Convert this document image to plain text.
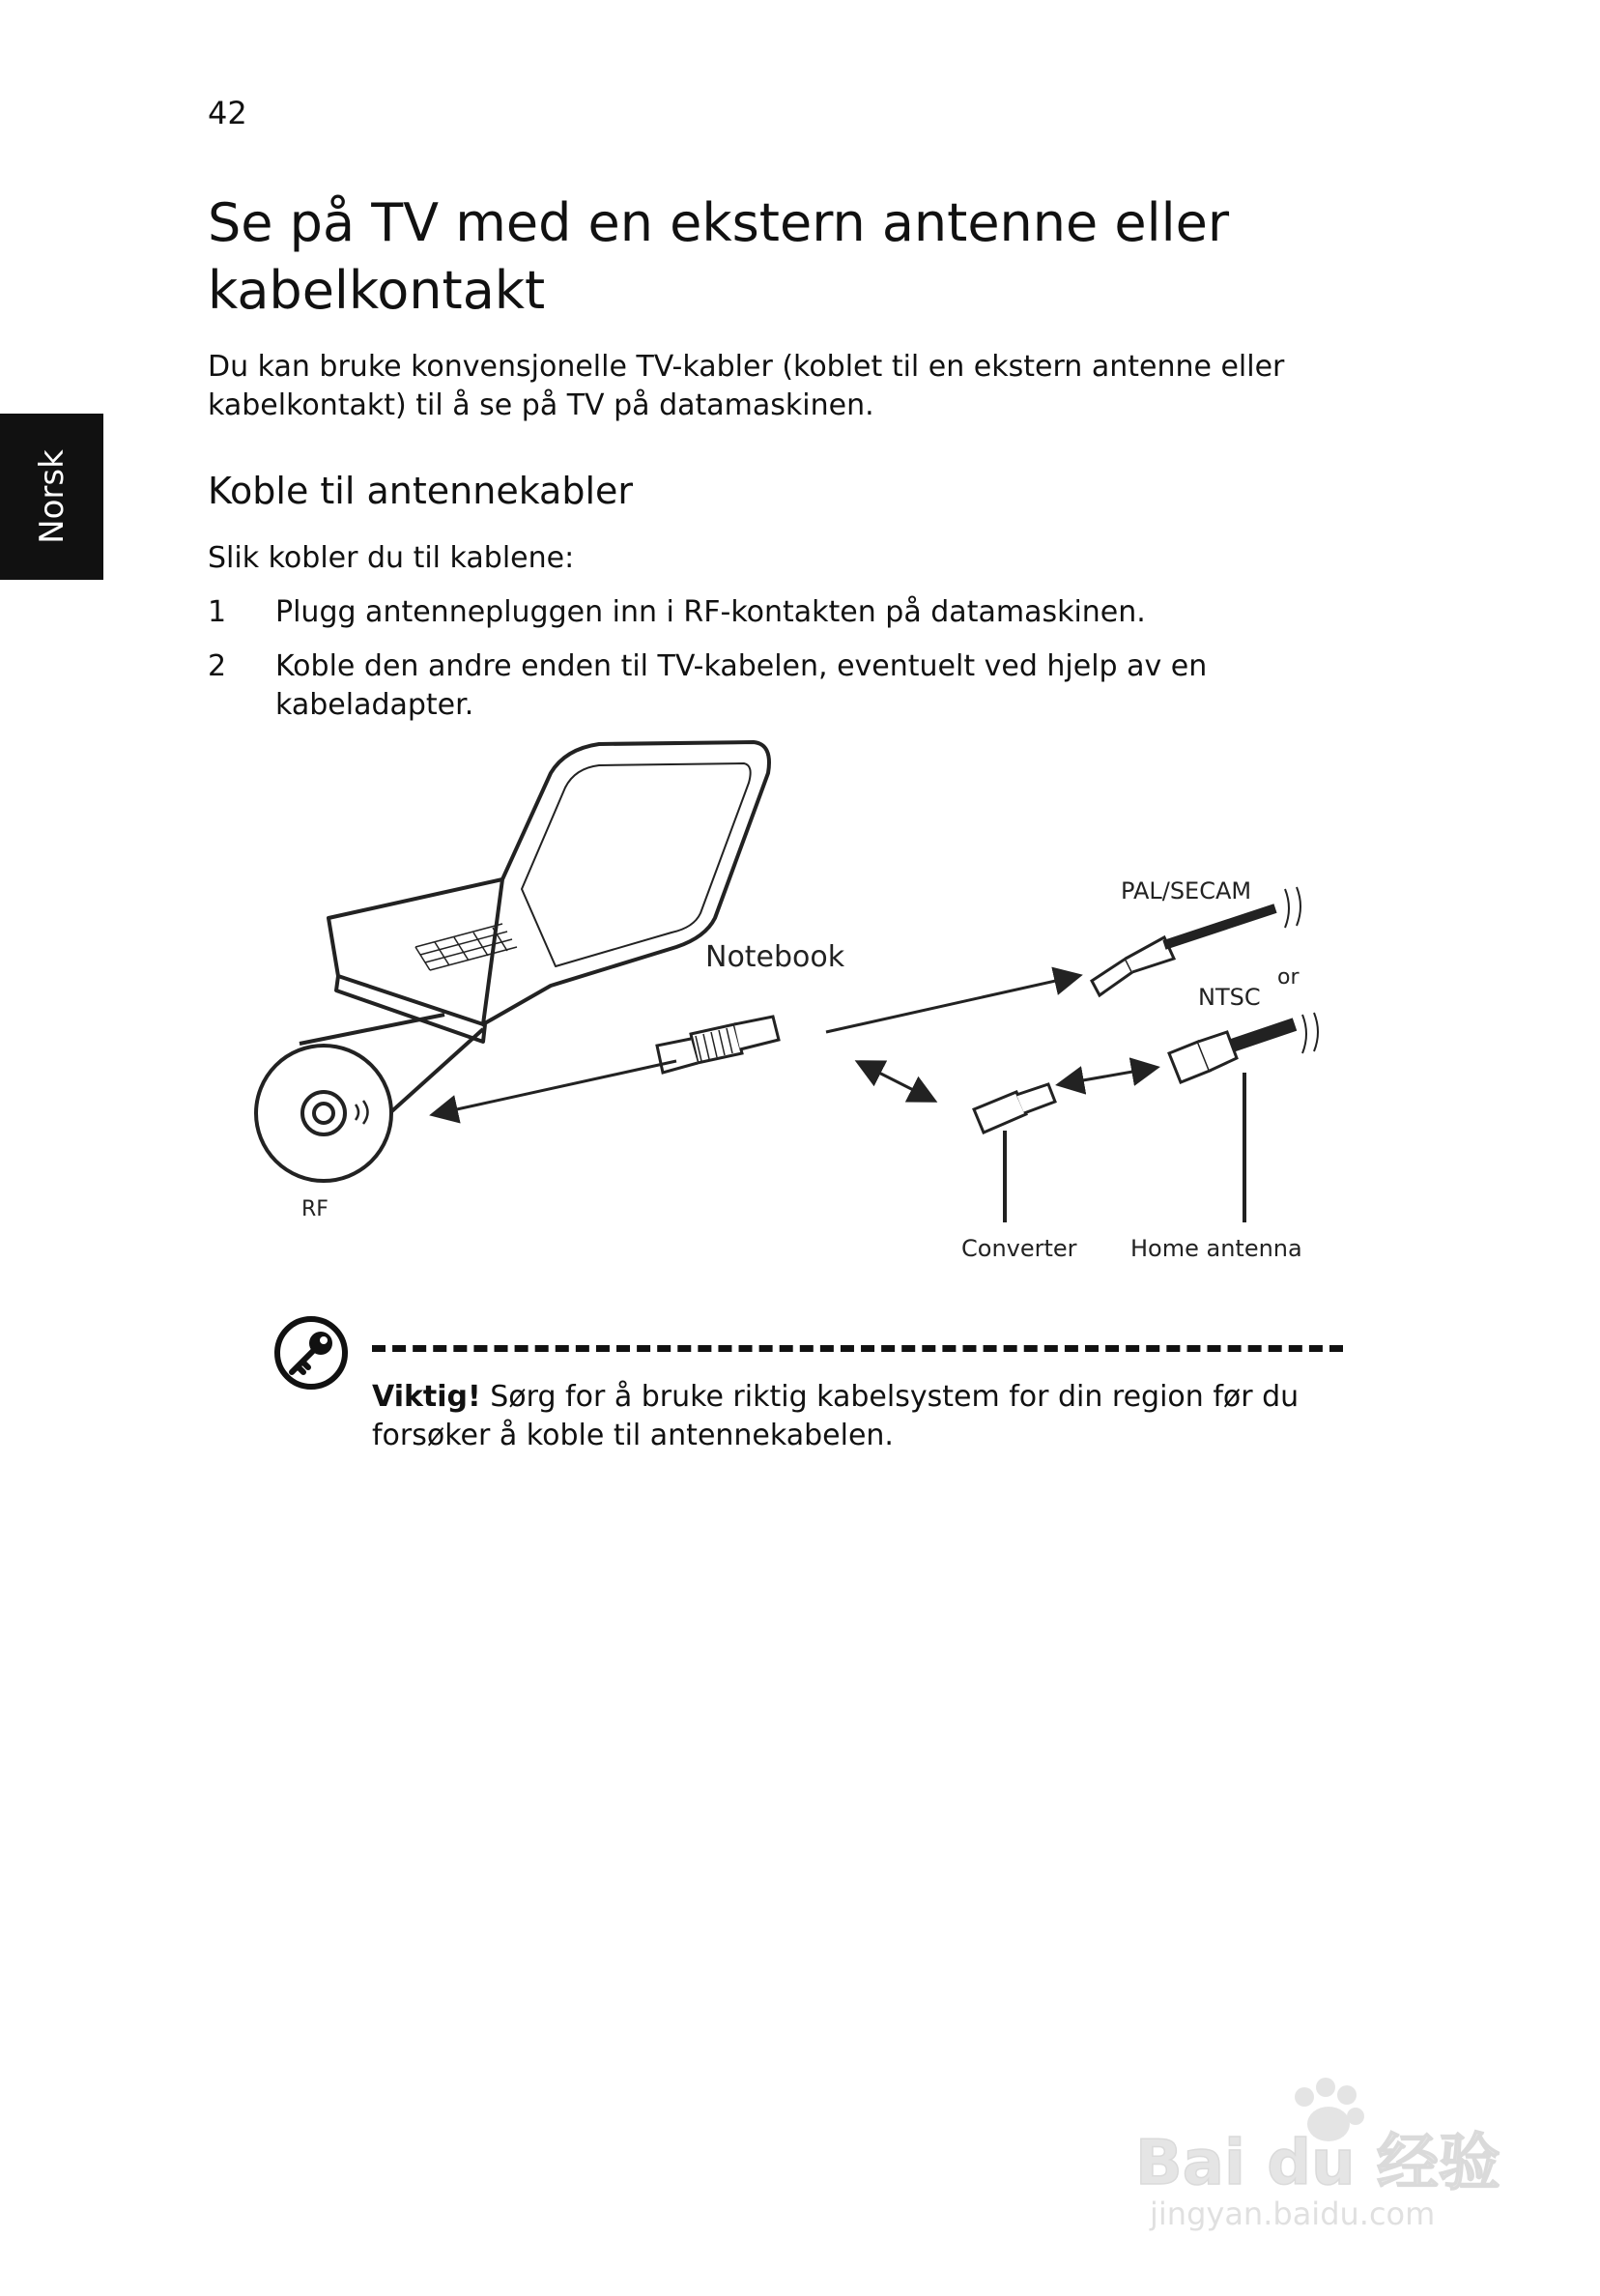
42
Norsk
Se på TV med en ekstern antenne eller kabelkontakt

Du kan bruke konvensjonelle TV-kabler (koblet til en ekstern antenne eller kabelkontakt) til å se på TV på datamaskinen.

Koble til antennekabler

Slik kobler du til kablene:

1	Plugg antennepluggen inn i RF-kontakten på datamaskinen.
2	Koble den andre enden til TV-kabelen, eventuelt ved hjelp av en kabeladapter.
RF
Notebook
PAL/SECAM
or
NTSC
Converter Home antenna

Viktig! Sørg for å bruke riktig kabelsystem for din region før du forsøker å koble til antennekabelen.

Bai du 经验
jingyan.baidu.com
